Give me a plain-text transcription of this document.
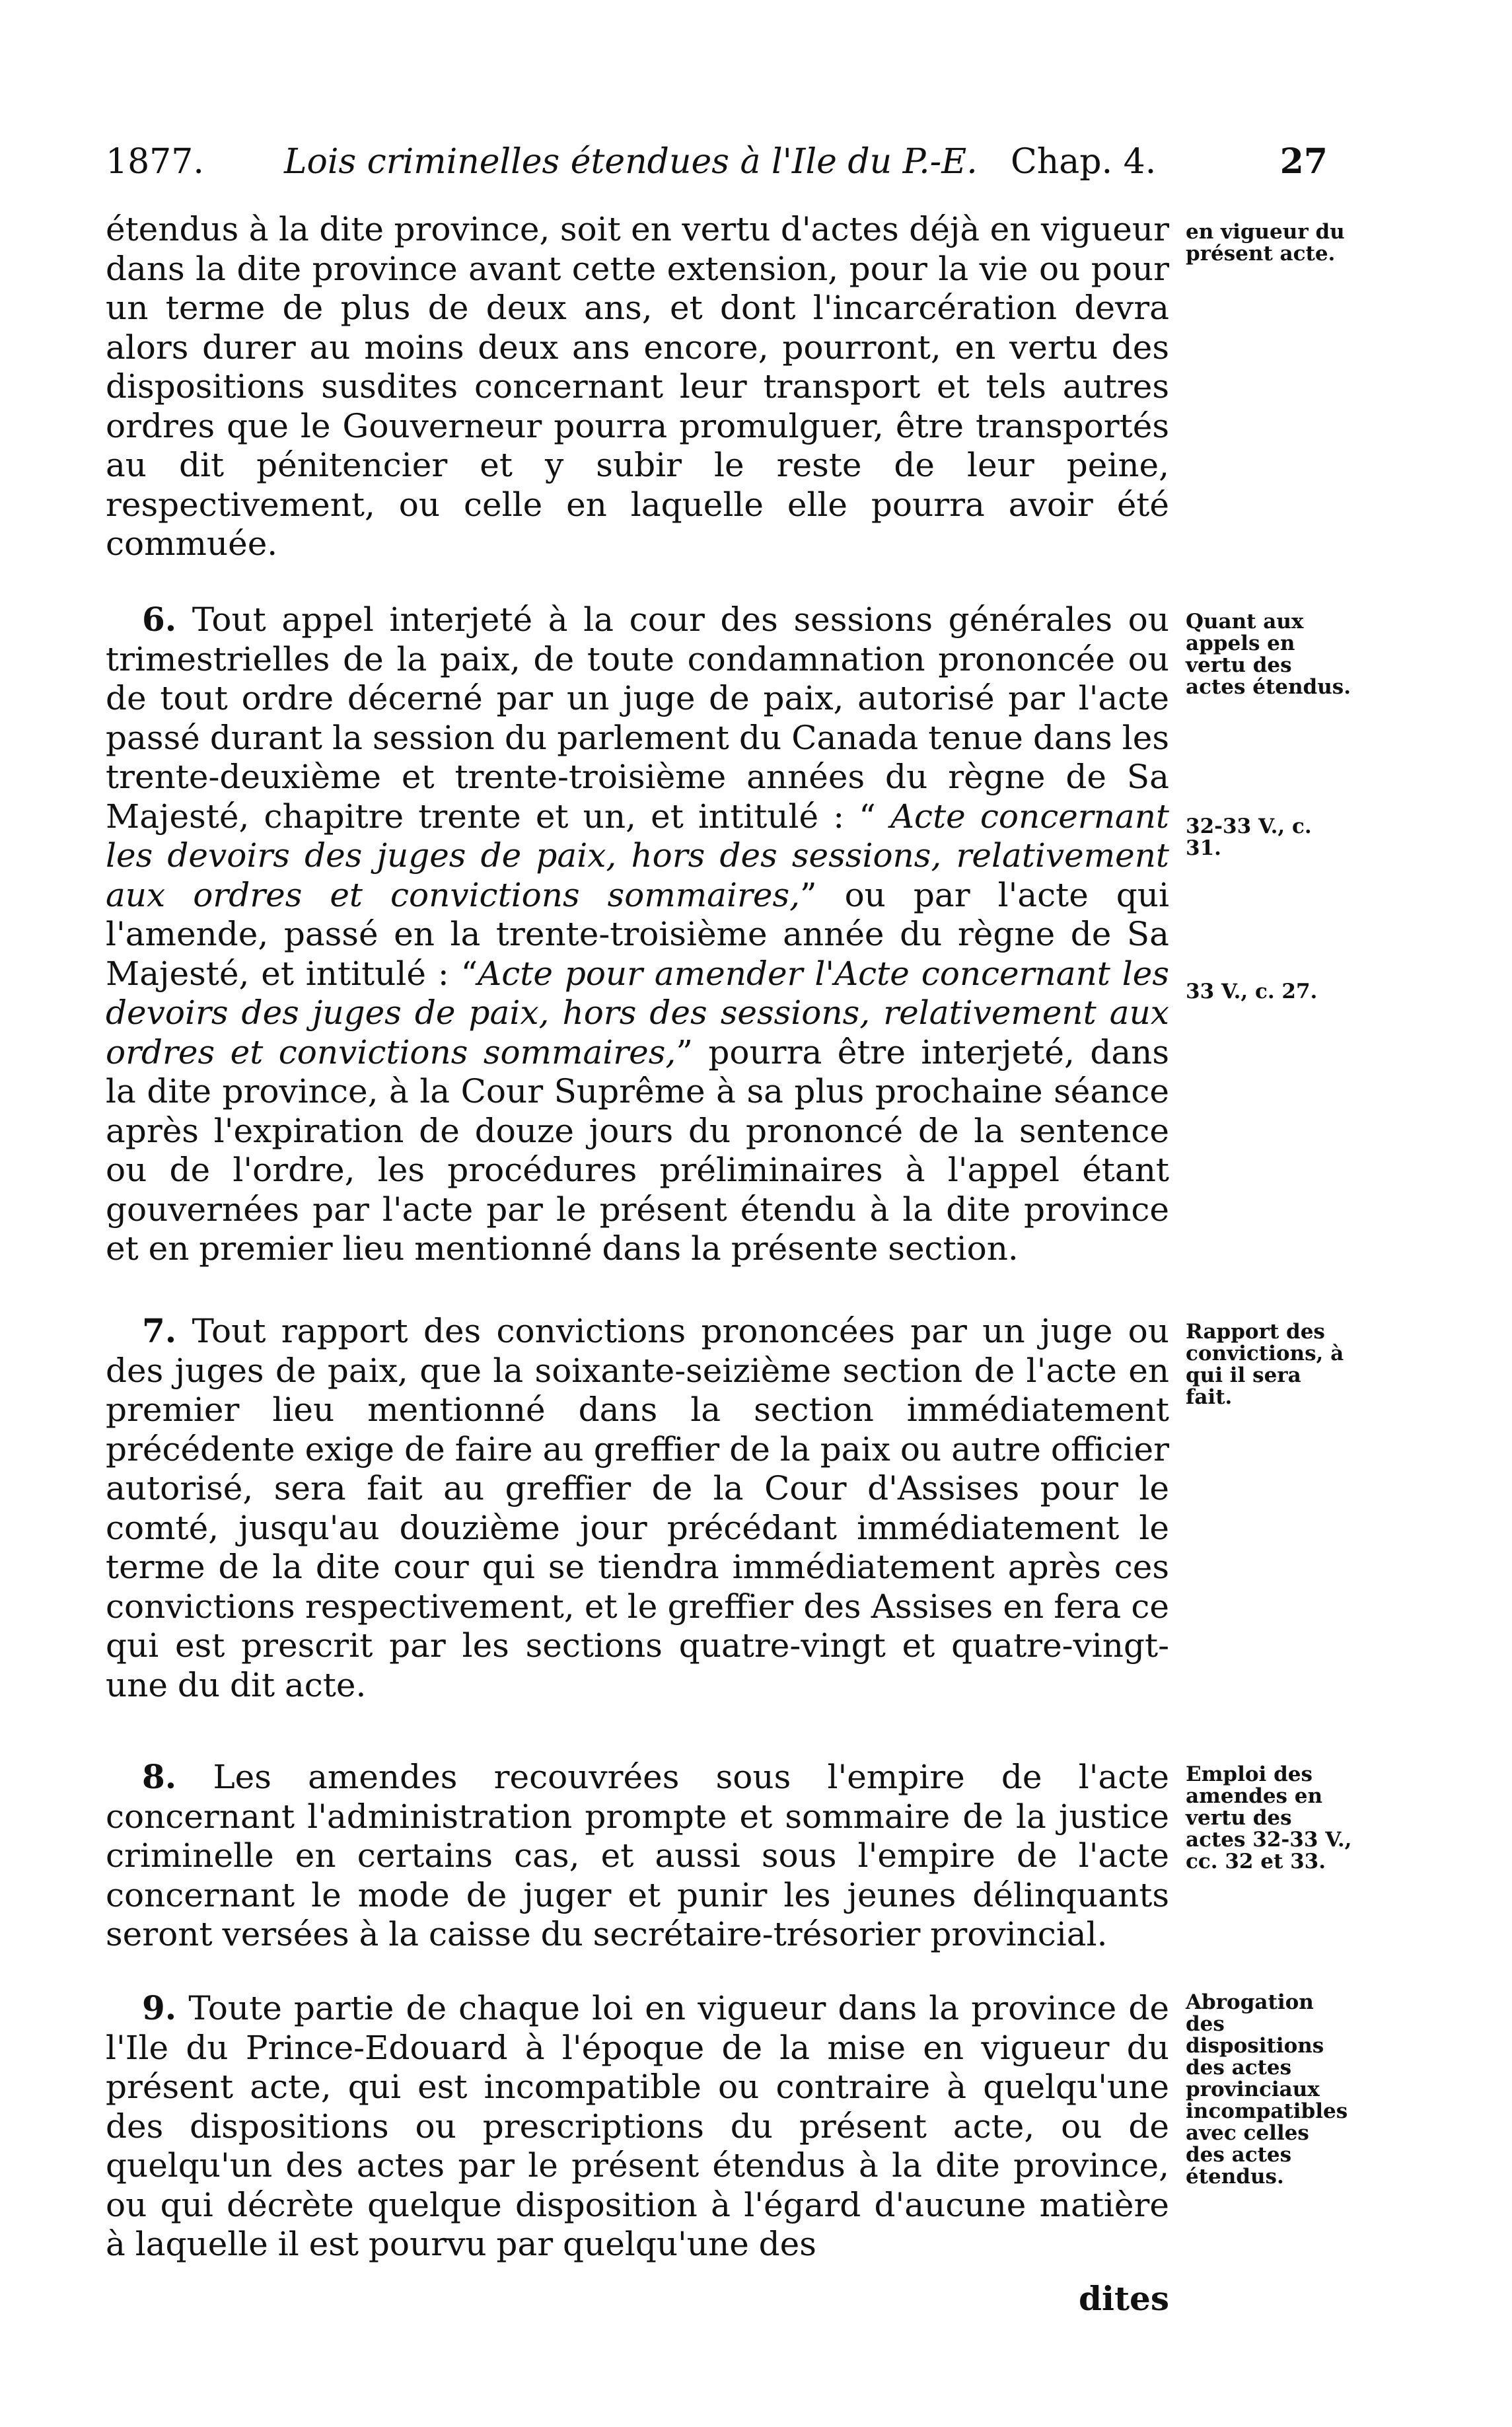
1877. Lois criminelles étendues à l'Ile du P.-E. Chap. 4.	27
étendus à la dite province, soit en vertu d'actes déjà en vigueur dans la dite province avant cette extension, pour la vie ou pour un terme de plus de deux ans, et dont l'incarcération devra alors durer au moins deux ans encore, pourront, en vertu des dispositions susdites concernant leur transport et tels autres ordres que le Gouverneur pourra promulguer, être transportés au dit pénitencier et y subir le reste de leur peine, respectivement, ou celle en laquelle elle pourra avoir été commuée.
6. Tout appel interjeté à la cour des sessions générales ou trimestrielles de la paix, de toute condamnation prononcée ou de tout ordre décerné par un juge de paix, autorisé par l'acte passé durant la session du parlement du Canada tenue dans les trente-deuxième et trente-troisième années du règne de Sa Majesté, chapitre trente et un, et intitulé : “ Acte concernant les devoirs des juges de paix, hors des sessions, relativement aux ordres et convictions sommaires,” ou par l'acte qui l'amende, passé en la trente-troisième année du règne de Sa Majesté, et intitulé : “Acte pour amender l'Acte concernant les devoirs des juges de paix, hors des sessions, relativement aux ordres et convictions sommaires,” pourra être interjeté, dans la dite province, à la Cour Suprême à sa plus prochaine séance après l'expiration de douze jours du prononcé de la sentence ou de l'ordre, les procédures préliminaires à l'appel étant gouvernées par l'acte par le présent étendu à la dite province et en premier lieu mentionné dans la présente section.
7. Tout rapport des convictions prononcées par un juge ou des juges de paix, que la soixante-seizième section de l'acte en premier lieu mentionné dans la section immédiatement précédente exige de faire au greffier de la paix ou autre officier autorisé, sera fait au greffier de la Cour d'Assises pour le comté, jusqu'au douzième jour précédant immédiatement le terme de la dite cour qui se tiendra immédiatement après ces convictions respectivement, et le greffier des Assises en fera ce qui est prescrit par les sections quatre-vingt et quatre-vingt-une du dit acte.
8. Les amendes recouvrées sous l'empire de l'acte concernant l'administration prompte et sommaire de la justice criminelle en certains cas, et aussi sous l'empire de l'acte concernant le mode de juger et punir les jeunes délinquants seront versées à la caisse du secrétaire-trésorier provincial.
9. Toute partie de chaque loi en vigueur dans la province de l'Ile du Prince-Edouard à l'époque de la mise en vigueur du présent acte, qui est incompatible ou contraire à quelqu'une des dispositions ou prescriptions du présent acte, ou de quelqu'un des actes par le présent étendus à la dite province, ou qui décrète quelque disposition à l'égard d'aucune matière à laquelle il est pourvu par quelqu'une des
dites
en vigueur du présent acte.
Quant aux appels en vertu des actes étendus.
32-33 V., c. 31.
33 V., c. 27.
Rapport des convictions, à qui il sera fait.
Emploi des amendes en vertu des actes 32-33 V., cc. 32 et 33.
Abrogation des dispositions des actes provinciaux incompatibles avec celles des actes étendus.
